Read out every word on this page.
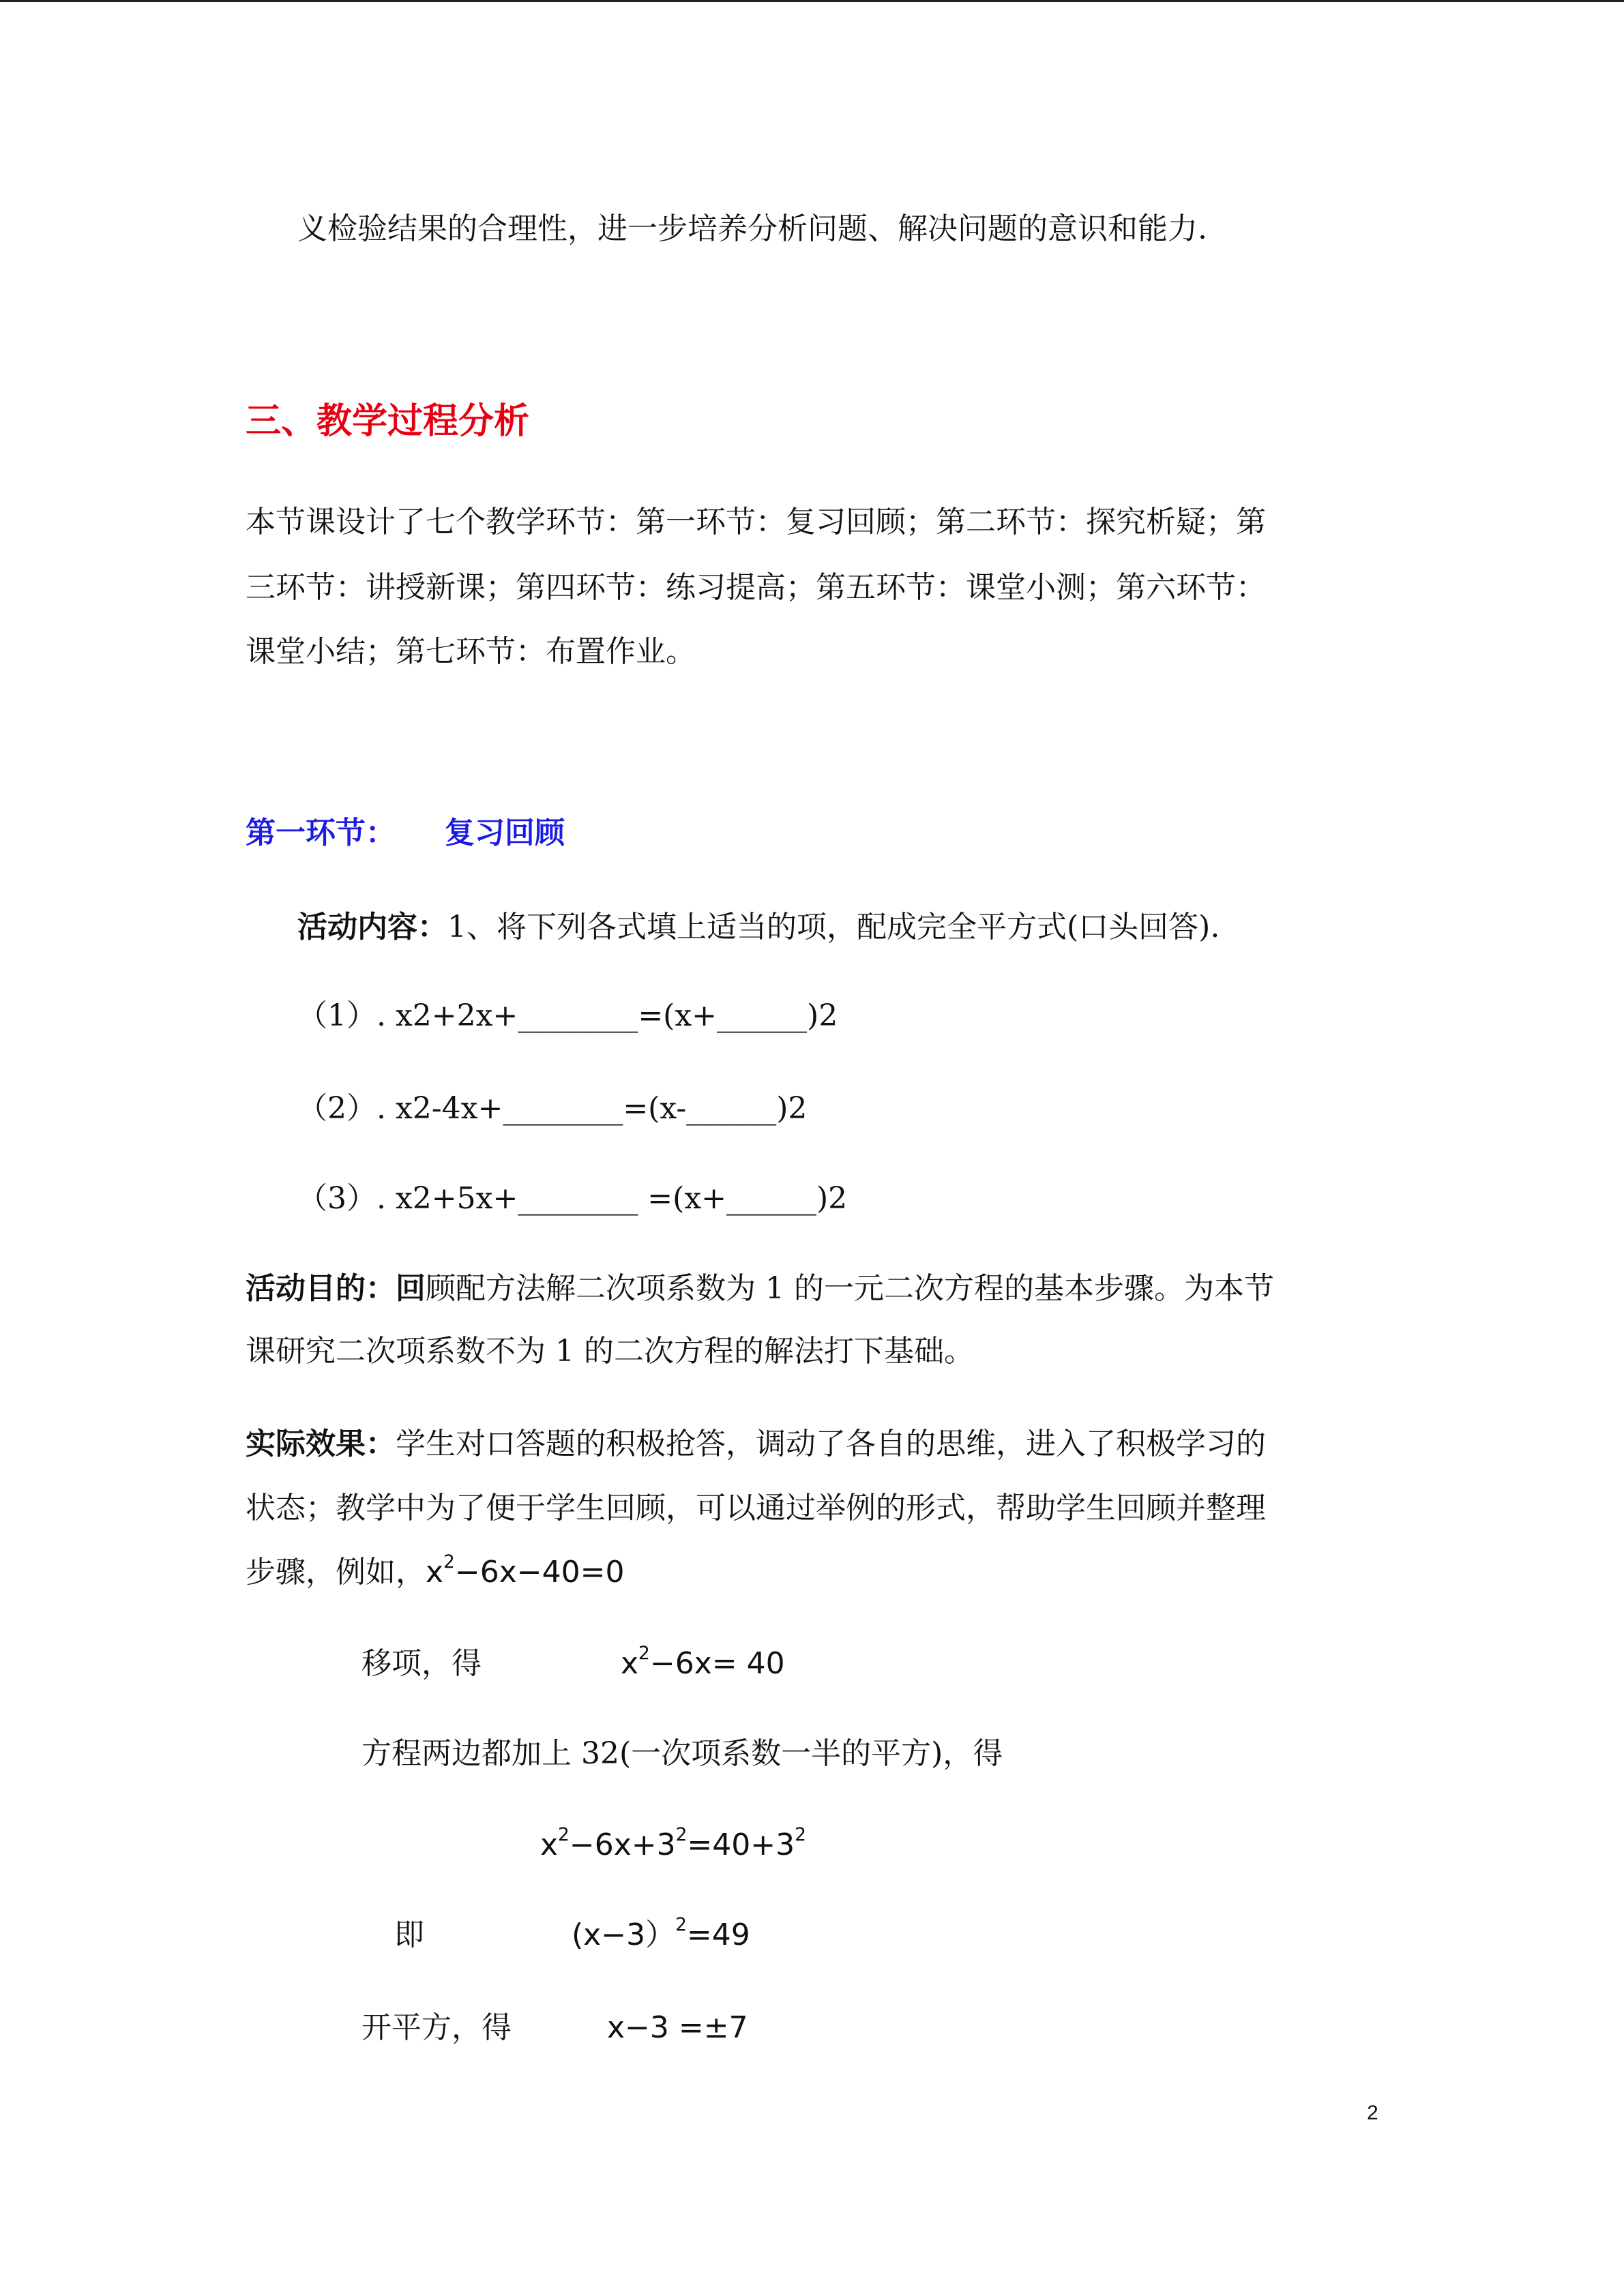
义检验结果的合理性，进一步培养分析问题、解决问题的意识和能力.
三、教学过程分析
本节课设计了七个教学环节：第一环节：复习回顾；第二环节：探究析疑；第
三环节：讲授新课；第四环节：练习提高；第五环节：课堂小测；第六环节：
课堂小结；第七环节：布置作业。
第一环节： 复习回顾
活动内容：1、将下列各式填上适当的项，配成完全平方式(口头回答).
（1）. x2+2x+________=(x+______)2
（2）. x2-4x+________=(x-______)2
（3）. x2+5x+________ =(x+______)2
活动目的：回顾配方法解二次项系数为 1 的一元二次方程的基本步骤。为本节
课研究二次项系数不为 1 的二次方程的解法打下基础。
实际效果：学生对口答题的积极抢答，调动了各自的思维，进入了积极学习的
状态；教学中为了便于学生回顾，可以通过举例的形式，帮助学生回顾并整理
步骤，例如，$x^2-6x-40=0$
移项，得	$x^2-6x= 40$
方程两边都加上 32(一次项系数一半的平方)，得
$x^2-6x+3^2=40+3^2$
即	(x−3）$^2$=49
开平方，得	x−3 =±7
2
